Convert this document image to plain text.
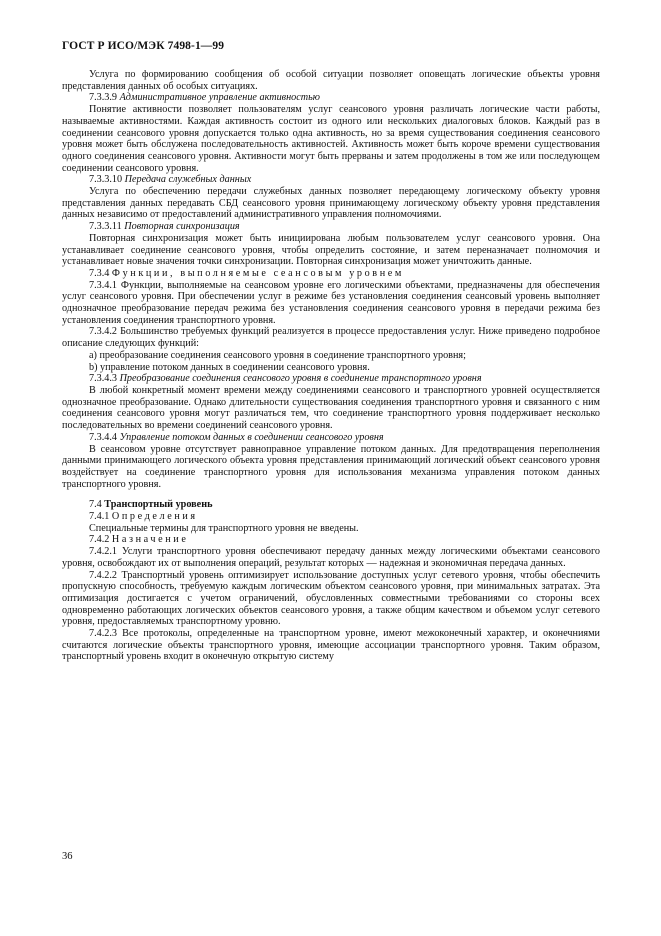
ГОСТ Р ИСО/МЭК 7498-1—99

Услуга по формированию сообщения об особой ситуации позволяет оповещать логические объекты уровня представления данных об особых ситуациях.

7.3.3.9 Административное управление активностью

Понятие активности позволяет пользователям услуг сеансового уровня различать логические части работы, называемые активностями. Каждая активность состоит из одного или нескольких диалоговых блоков. Каждый раз в соединении сеансового уровня допускается только одна активность, но за время существования соединения сеансового уровня может быть обслужена последовательность активностей. Активность может быть короче времени существования одного соединения сеансового уровня. Активности могут быть прерваны и затем продолжены в том же или последующем соединении сеансового уровня.

7.3.3.10 Передача служебных данных

Услуга по обеспечению передачи служебных данных позволяет передающему логическому объекту уровня представления данных передавать СБД сеансового уровня принимающему логическому объекту уровня представления данных независимо от предоставлений административного управления полномочиями.

7.3.3.11 Повторная синхронизация

Повторная синхронизация может быть инициирована любым пользователем услуг сеансового уровня. Она устанавливает соединение сеансового уровня, чтобы определить состояние, и затем переназначает полномочия и устанавливает новые значения точки синхронизации. Повторная синхронизация может уничтожить данные.

7.3.4 Функции, выполняемые сеансовым уровнем

7.3.4.1 Функции, выполняемые на сеансовом уровне его логическими объектами, предназначены для обеспечения услуг сеансового уровня. При обеспечении услуг в режиме без установления соединения сеансовый уровень выполняет однозначное преобразование передач режима без установления соединения сеансового уровня в передачи режима без установления соединения транспортного уровня.

7.3.4.2 Большинство требуемых функций реализуется в процессе предоставления услуг. Ниже приведено подробное описание следующих функций:

a) преобразование соединения сеансового уровня в соединение транспортного уровня;

b) управление потоком данных в соединении сеансового уровня.

7.3.4.3 Преобразование соединения сеансового уровня в соединение транспортного уровня

В любой конкретный момент времени между соединениями сеансового и транспортного уровней осуществляется однозначное преобразование. Однако длительности существования соединения транспортного уровня и связанного с ним соединения сеансового уровня могут различаться тем, что соединение транспортного уровня поддерживает несколько последовательных во времени соединений сеансового уровня.

7.3.4.4 Управление потоком данных в соединении сеансового уровня

В сеансовом уровне отсутствует равноправное управление потоком данных. Для предотвращения переполнения данными принимающего логического объекта уровня представления принимающий логический объект сеансового уровня воздействует на соединение транспортного уровня для использования механизма управления потоком данных транспортного уровня.

7.4 Транспортный уровень

7.4.1 Определения

Специальные термины для транспортного уровня не введены.

7.4.2 Назначение

7.4.2.1 Услуги транспортного уровня обеспечивают передачу данных между логическими объектами сеансового уровня, освобождают их от выполнения операций, результат которых — надежная и экономичная передача данных.

7.4.2.2 Транспортный уровень оптимизирует использование доступных услуг сетевого уровня, чтобы обеспечить пропускную способность, требуемую каждым логическим объектом сеансового уровня, при минимальных затратах. Эта оптимизация достигается с учетом ограничений, обусловленных совместными требованиями со стороны всех одновременно работающих логических объектов сеансового уровня, а также общим качеством и объемом услуг сетевого уровня, предоставляемых транспортному уровню.

7.4.2.3 Все протоколы, определенные на транспортном уровне, имеют межоконечный характер, и оконечниями считаются логические объекты транспортного уровня, имеющие ассоциации транспортного уровня. Таким образом, транспортный уровень входит в оконечную открытую систему

36
